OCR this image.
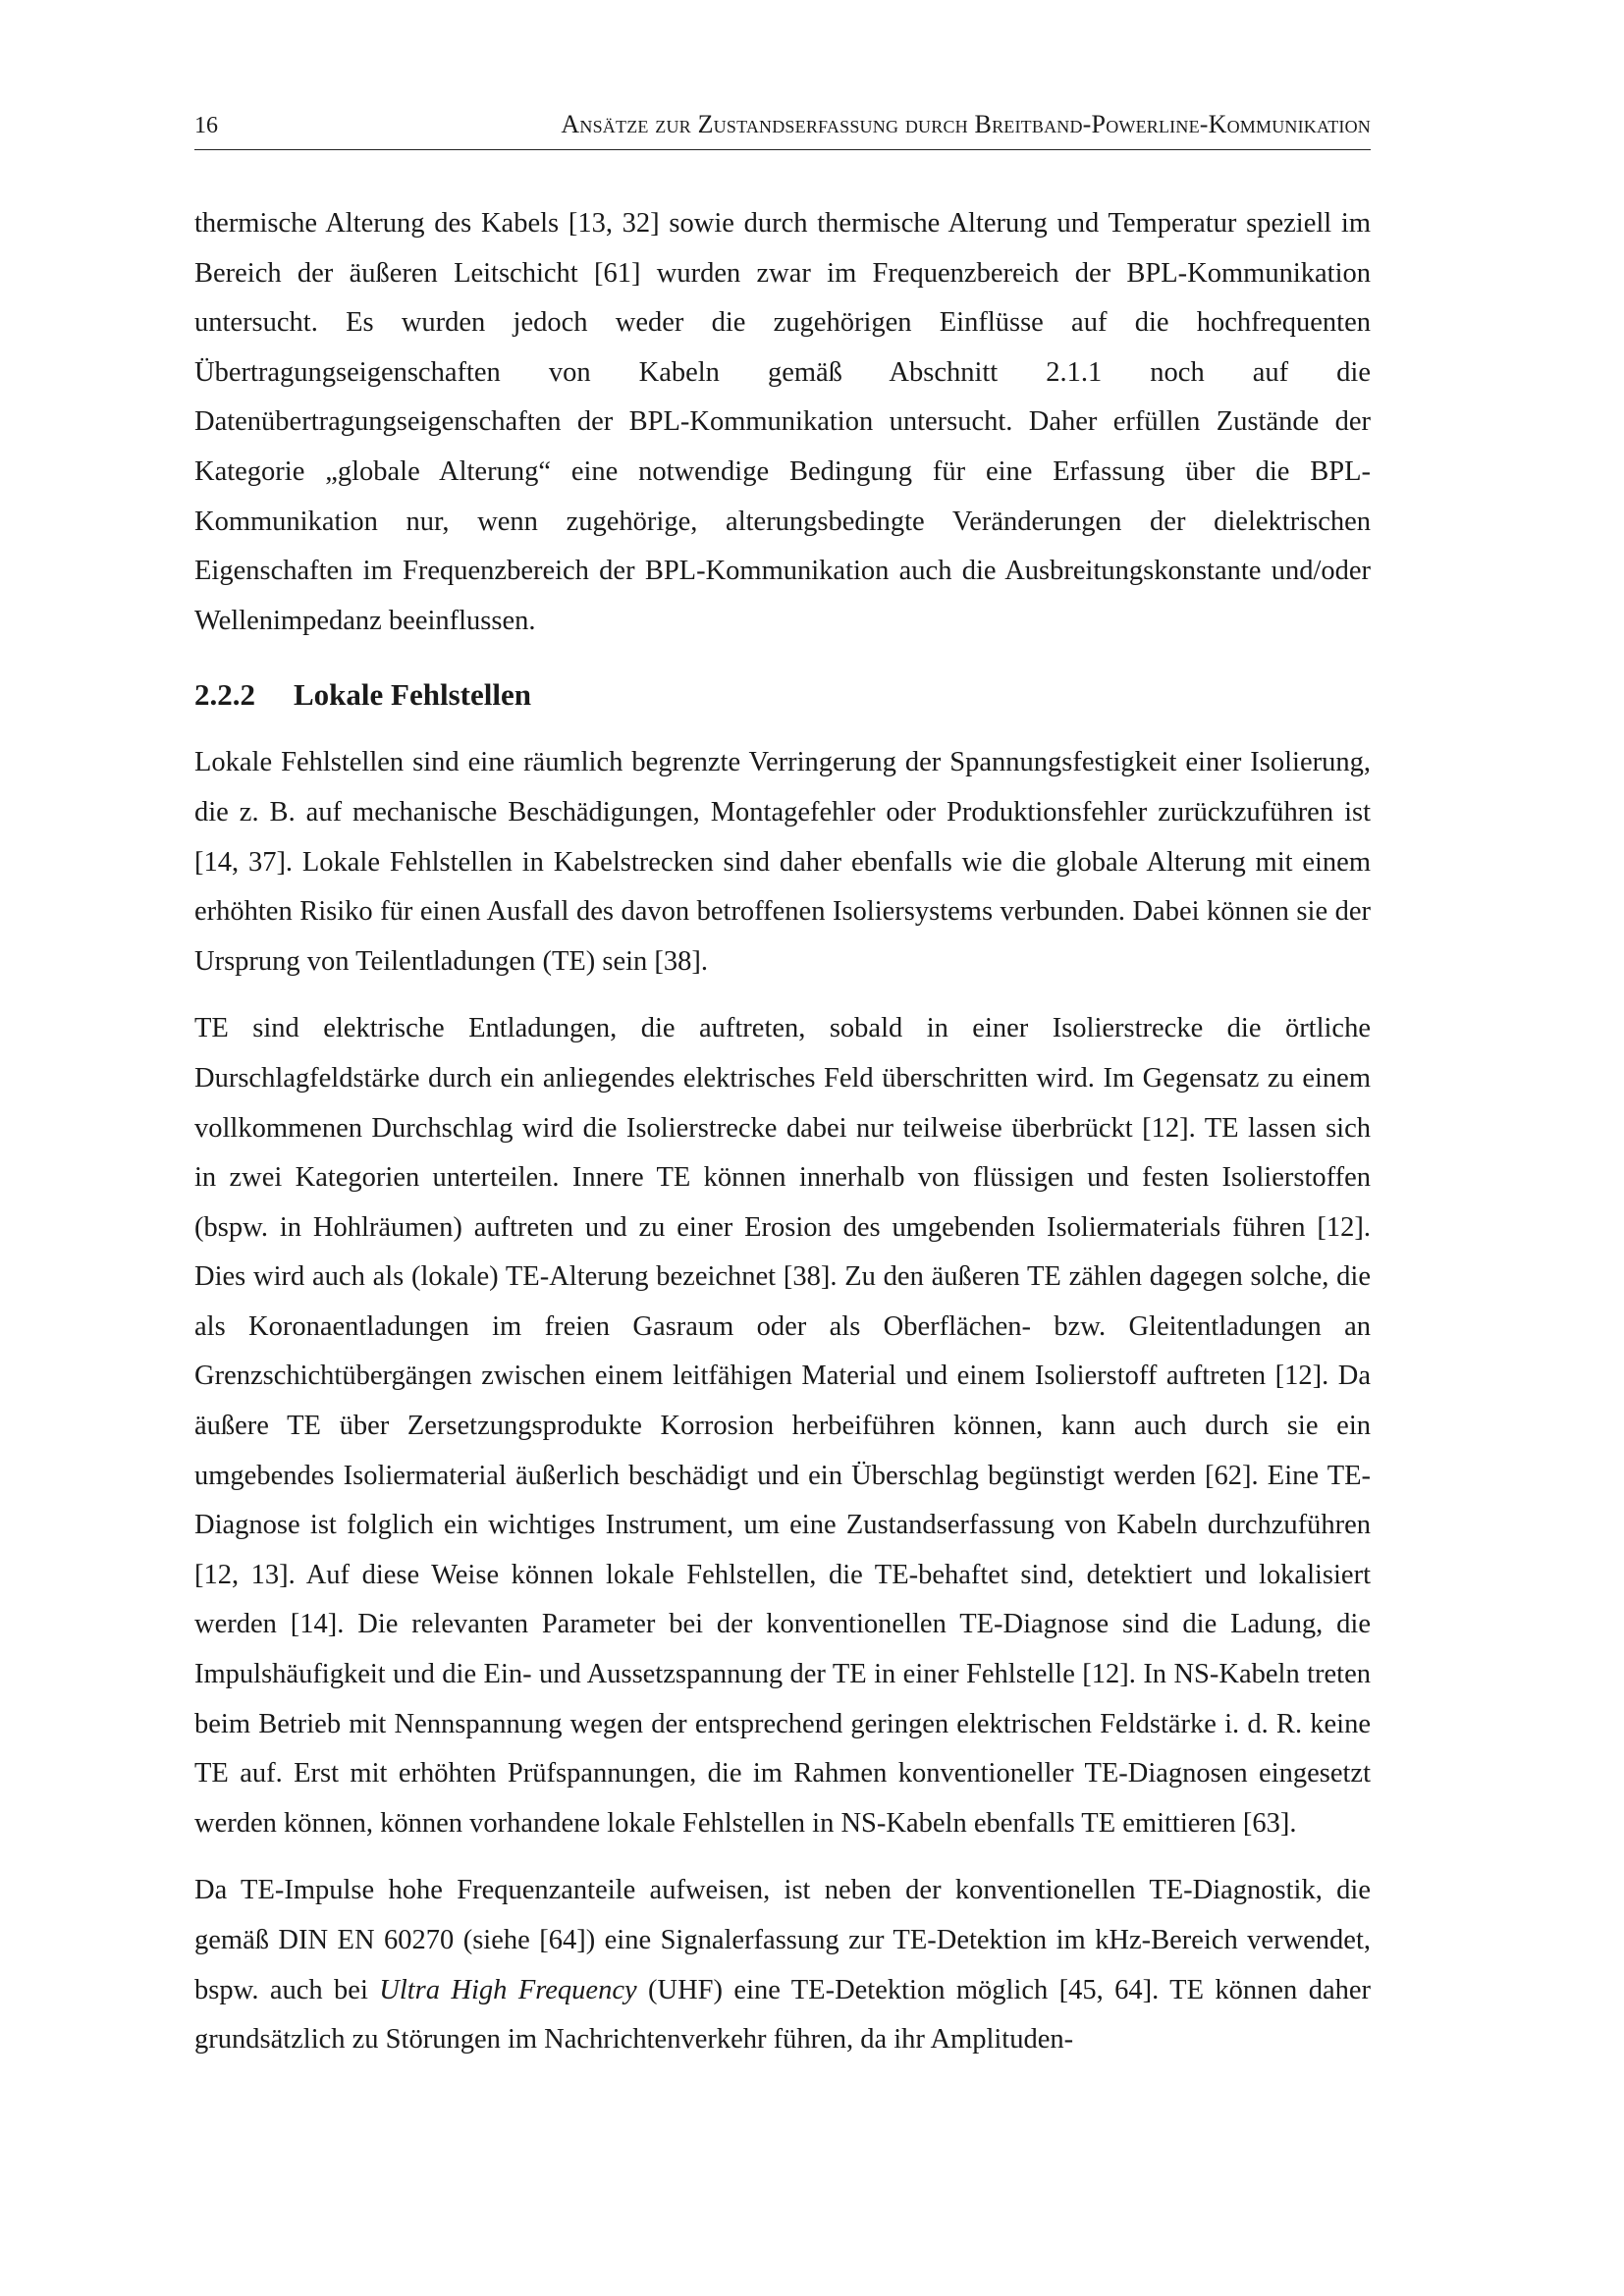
16	Ansätze zur Zustandserfassung durch Breitband-Powerline-Kommunikation

thermische Alterung des Kabels [13, 32] sowie durch thermische Alterung und Temperatur speziell im Bereich der äußeren Leitschicht [61] wurden zwar im Frequenzbereich der BPL-Kommunikation untersucht. Es wurden jedoch weder die zugehörigen Einflüsse auf die hochfrequenten Übertragungseigenschaften von Kabeln gemäß Abschnitt 2.1.1 noch auf die Datenübertragungseigenschaften der BPL-Kommunikation untersucht. Daher erfüllen Zustände der Kategorie „globale Alterung“ eine notwendige Bedingung für eine Erfassung über die BPL-Kommunikation nur, wenn zugehörige, alterungsbedingte Veränderungen der dielektrischen Eigenschaften im Frequenzbereich der BPL-Kommunikation auch die Ausbreitungskonstante und/oder Wellenimpedanz beeinflussen.

2.2.2 Lokale Fehlstellen

Lokale Fehlstellen sind eine räumlich begrenzte Verringerung der Spannungsfestigkeit einer Isolierung, die z. B. auf mechanische Beschädigungen, Montagefehler oder Produktionsfehler zurückzuführen ist [14, 37]. Lokale Fehlstellen in Kabelstrecken sind daher ebenfalls wie die globale Alterung mit einem erhöhten Risiko für einen Ausfall des davon betroffenen Isoliersystems verbunden. Dabei können sie der Ursprung von Teilentladungen (TE) sein [38].

TE sind elektrische Entladungen, die auftreten, sobald in einer Isolierstrecke die örtliche Durschlagfeldstärke durch ein anliegendes elektrisches Feld überschritten wird. Im Gegensatz zu einem vollkommenen Durchschlag wird die Isolierstrecke dabei nur teilweise überbrückt [12]. TE lassen sich in zwei Kategorien unterteilen. Innere TE können innerhalb von flüssigen und festen Isolierstoffen (bspw. in Hohlräumen) auftreten und zu einer Erosion des umgebenden Isoliermaterials führen [12]. Dies wird auch als (lokale) TE-Alterung bezeichnet [38]. Zu den äußeren TE zählen dagegen solche, die als Koronaentladungen im freien Gasraum oder als Oberflächen- bzw. Gleitentladungen an Grenzschichtübergängen zwischen einem leitfähigen Material und einem Isolierstoff auftreten [12]. Da äußere TE über Zersetzungsprodukte Korrosion herbeiführen können, kann auch durch sie ein umgebendes Isoliermaterial äußerlich beschädigt und ein Überschlag begünstigt werden [62]. Eine TE-Diagnose ist folglich ein wichtiges Instrument, um eine Zustandserfassung von Kabeln durchzuführen [12, 13]. Auf diese Weise können lokale Fehlstellen, die TE-behaftet sind, detektiert und lokalisiert werden [14]. Die relevanten Parameter bei der konventionellen TE-Diagnose sind die Ladung, die Impulshäufigkeit und die Ein- und Aussetzspannung der TE in einer Fehlstelle [12]. In NS-Kabeln treten beim Betrieb mit Nennspannung wegen der entsprechend geringen elektrischen Feldstärke i. d. R. keine TE auf. Erst mit erhöhten Prüfspannungen, die im Rahmen konventioneller TE-Diagnosen eingesetzt werden können, können vorhandene lokale Fehlstellen in NS-Kabeln ebenfalls TE emittieren [63].

Da TE-Impulse hohe Frequenzanteile aufweisen, ist neben der konventionellen TE-Diagnostik, die gemäß DIN EN 60270 (siehe [64]) eine Signalerfassung zur TE-Detektion im kHz-Bereich verwendet, bspw. auch bei Ultra High Frequency (UHF) eine TE-Detektion möglich [45, 64]. TE können daher grundsätzlich zu Störungen im Nachrichtenverkehr führen, da ihr Amplituden-
